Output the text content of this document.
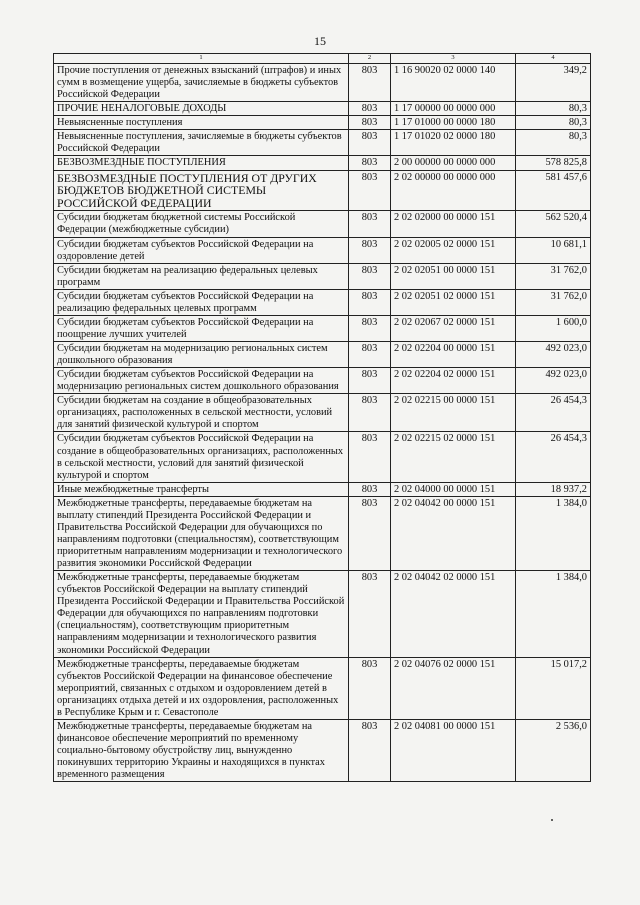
15
1	2	3	4
Прочие поступления от денежных взысканий (штрафов) и иных сумм в возмещение ущерба, зачисляемые в бюджеты субъектов Российской Федерации	803	1 16 90020 02 0000 140	349,2
ПРОЧИЕ НЕНАЛОГОВЫЕ ДОХОДЫ	803	1 17 00000 00 0000 000	80,3
Невыясненные поступления	803	1 17 01000 00 0000 180	80,3
Невыясненные поступления, зачисляемые в бюджеты субъектов Российской Федерации	803	1 17 01020 02 0000 180	80,3
БЕЗВОЗМЕЗДНЫЕ ПОСТУПЛЕНИЯ	803	2 00 00000 00 0000 000	578 825,8
БЕЗВОЗМЕЗДНЫЕ ПОСТУПЛЕНИЯ ОТ ДРУГИХ БЮДЖЕТОВ БЮДЖЕТНОЙ СИСТЕМЫ РОССИЙСКОЙ ФЕДЕРАЦИИ	803	2 02 00000 00 0000 000	581 457,6
Субсидии бюджетам бюджетной системы Российской Федерации (межбюджетные субсидии)	803	2 02 02000 00 0000 151	562 520,4
Субсидии бюджетам субъектов Российской Федерации на оздоровление детей	803	2 02 02005 02 0000 151	10 681,1
Субсидии бюджетам на реализацию федеральных целевых программ	803	2 02 02051 00 0000 151	31 762,0
Субсидии бюджетам субъектов Российской Федерации на реализацию федеральных целевых программ	803	2 02 02051 02 0000 151	31 762,0
Субсидии бюджетам субъектов Российской Федерации на поощрение лучших учителей	803	2 02 02067 02 0000 151	1 600,0
Субсидии бюджетам на модернизацию региональных систем дошкольного образования	803	2 02 02204 00 0000 151	492 023,0
Субсидии бюджетам субъектов Российской Федерации на модернизацию региональных систем дошкольного образования	803	2 02 02204 02 0000 151	492 023,0
Субсидии бюджетам на создание в общеобразовательных организациях, расположенных в сельской местности, условий для занятий физической культурой и спортом	803	2 02 02215 00 0000 151	26 454,3
Субсидии бюджетам субъектов Российской Федерации на создание в общеобразовательных организациях, расположенных в сельской местности, условий для занятий физической культурой и спортом	803	2 02 02215 02 0000 151	26 454,3
Иные межбюджетные трансферты	803	2 02 04000 00 0000 151	18 937,2
Межбюджетные трансферты, передаваемые бюджетам на выплату стипендий Президента Российской Федерации и Правительства Российской Федерации для обучающихся по направлениям подготовки (специальностям), соответствующим приоритетным направлениям модернизации и технологического развития экономики Российской Федерации	803	2 02 04042 00 0000 151	1 384,0
Межбюджетные трансферты, передаваемые бюджетам субъектов Российской Федерации на выплату стипендий Президента Российской Федерации и Правительства Российской Федерации для обучающихся по направлениям подготовки (специальностям), соответствующим приоритетным направлениям модернизации и технологического развития экономики Российской Федерации	803	2 02 04042 02 0000 151	1 384,0
Межбюджетные трансферты, передаваемые бюджетам субъектов Российской Федерации на финансовое обеспечение мероприятий, связанных с отдыхом и оздоровлением детей в организациях отдыха детей и их оздоровления, расположенных в Республике Крым и г. Севастополе	803	2 02 04076 02 0000 151	15 017,2
Межбюджетные трансферты, передаваемые бюджетам на финансовое обеспечение мероприятий по временному социально-бытовому обустройству лиц, вынужденно покинувших территорию Украины и находящихся в пунктах временного размещения	803	2 02 04081 00 0000 151	2 536,0
